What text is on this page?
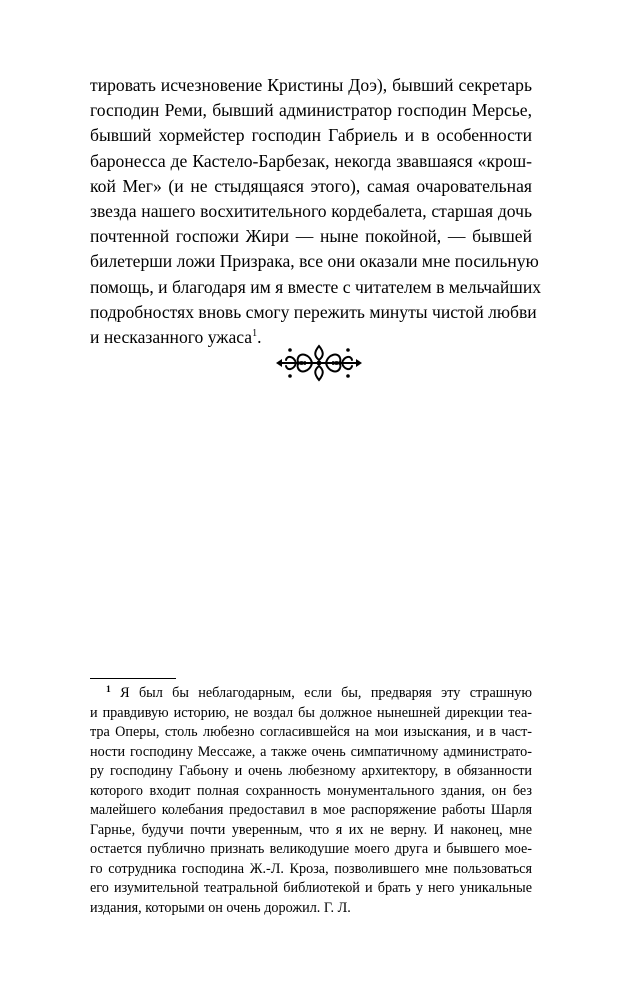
тировать исчезновение Кристины Доэ), бывший секретарь
господин Реми, бывший администратор господин Мерсье,
бывший хормейстер господин Габриель и в особенности
баронесса де Кастело-Барбезак, некогда звавшаяся «крош-
кой Мег» (и не стыдящаяся этого), самая очаровательная
звезда нашего восхитительного кордебалета, старшая дочь
почтенной госпожи Жири — ныне покойной, — бывшей
билетерши ложи Призрака, все они оказали мне посильную
помощь, и благодаря им я вместе с читателем в мельчайших
подробностях вновь смогу пережить минуты чистой любви
и несказанного ужаса$^1$.
$^1$ Я был бы неблагодарным, если бы, предваряя эту страшную
и правдивую историю, не воздал бы должное нынешней дирекции теа-
тра Оперы, столь любезно согласившейся на мои изыскания, и в част-
ности господину Мессаже, а также очень симпатичному администрато-
ру господину Габьону и очень любезному архитектору, в обязанности
которого входит полная сохранность монументального здания, он без
малейшего колебания предоставил в мое распоряжение работы Шарля
Гарнье, будучи почти уверенным, что я их не верну. И наконец, мне
остается публично признать великодушие моего друга и бывшего мое-
го сотрудника господина Ж.-Л. Кроза, позволившего мне пользоваться
его изумительной театральной библиотекой и брать у него уникальные
издания, которыми он очень дорожил. Г. Л.
